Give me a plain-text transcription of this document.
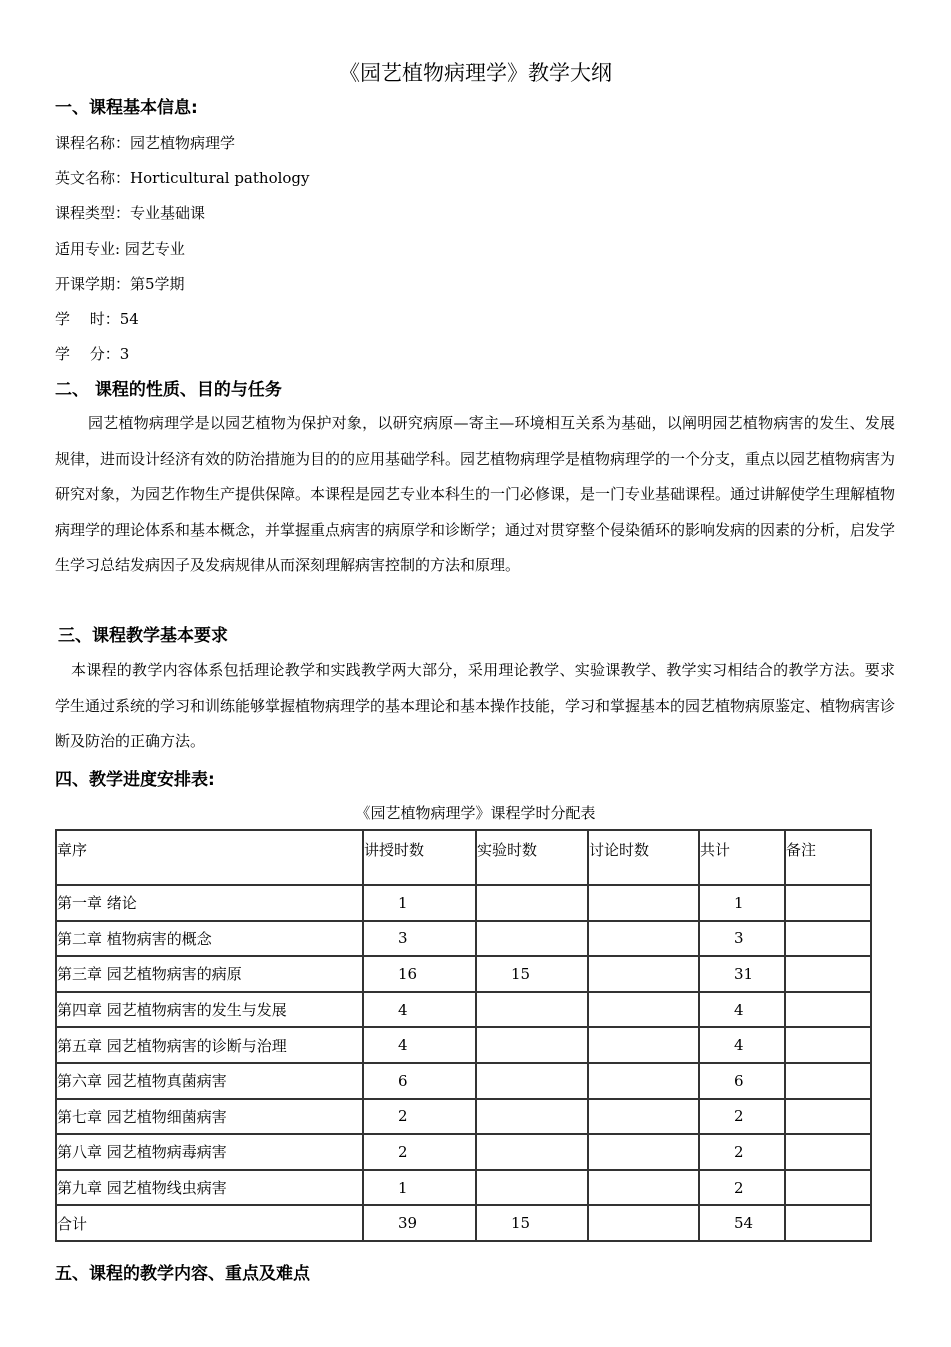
《园艺植物病理学》教学大纲
一、课程基本信息:
课程名称：园艺植物病理学
英文名称：Horticultural pathology
课程类型：专业基础课
适用专业: 园艺专业
开课学期：第5学期
学　 时：54
学　 分：3
二、 课程的性质、目的与任务
园艺植物病理学是以园艺植物为保护对象，以研究病原—寄主—环境相互关系为基础，以阐明园艺植物病害的发生、发展规律，进而设计经济有效的防治措施为目的的应用基础学科。园艺植物病理学是植物病理学的一个分支，重点以园艺植物病害为研究对象，为园艺作物生产提供保障。本课程是园艺专业本科生的一门必修课，是一门专业基础课程。通过讲解使学生理解植物病理学的理论体系和基本概念，并掌握重点病害的病原学和诊断学；通过对贯穿整个侵染循环的影响发病的因素的分析，启发学生学习总结发病因子及发病规律从而深刻理解病害控制的方法和原理。
三、课程教学基本要求
本课程的教学内容体系包括理论教学和实践教学两大部分，采用理论教学、实验课教学、教学实习相结合的教学方法。要求学生通过系统的学习和训练能够掌握植物病理学的基本理论和基本操作技能，学习和掌握基本的园艺植物病原鉴定、植物病害诊断及防治的正确方法。
四、教学进度安排表:
《园艺植物病理学》课程学时分配表
章序	讲授时数	实验时数	讨论时数	共计	备注
第一章 绪论	1			1	
第二章 植物病害的概念	3			3	
第三章 园艺植物病害的病原	16	15		31	
第四章 园艺植物病害的发生与发展	4			4	
第五章 园艺植物病害的诊断与治理	4			4	
第六章 园艺植物真菌病害	6			6	
第七章 园艺植物细菌病害	2			2	
第八章 园艺植物病毒病害	2			2	
第九章 园艺植物线虫病害	1			2	
合计	39	15		54	
五、课程的教学内容、重点及难点
